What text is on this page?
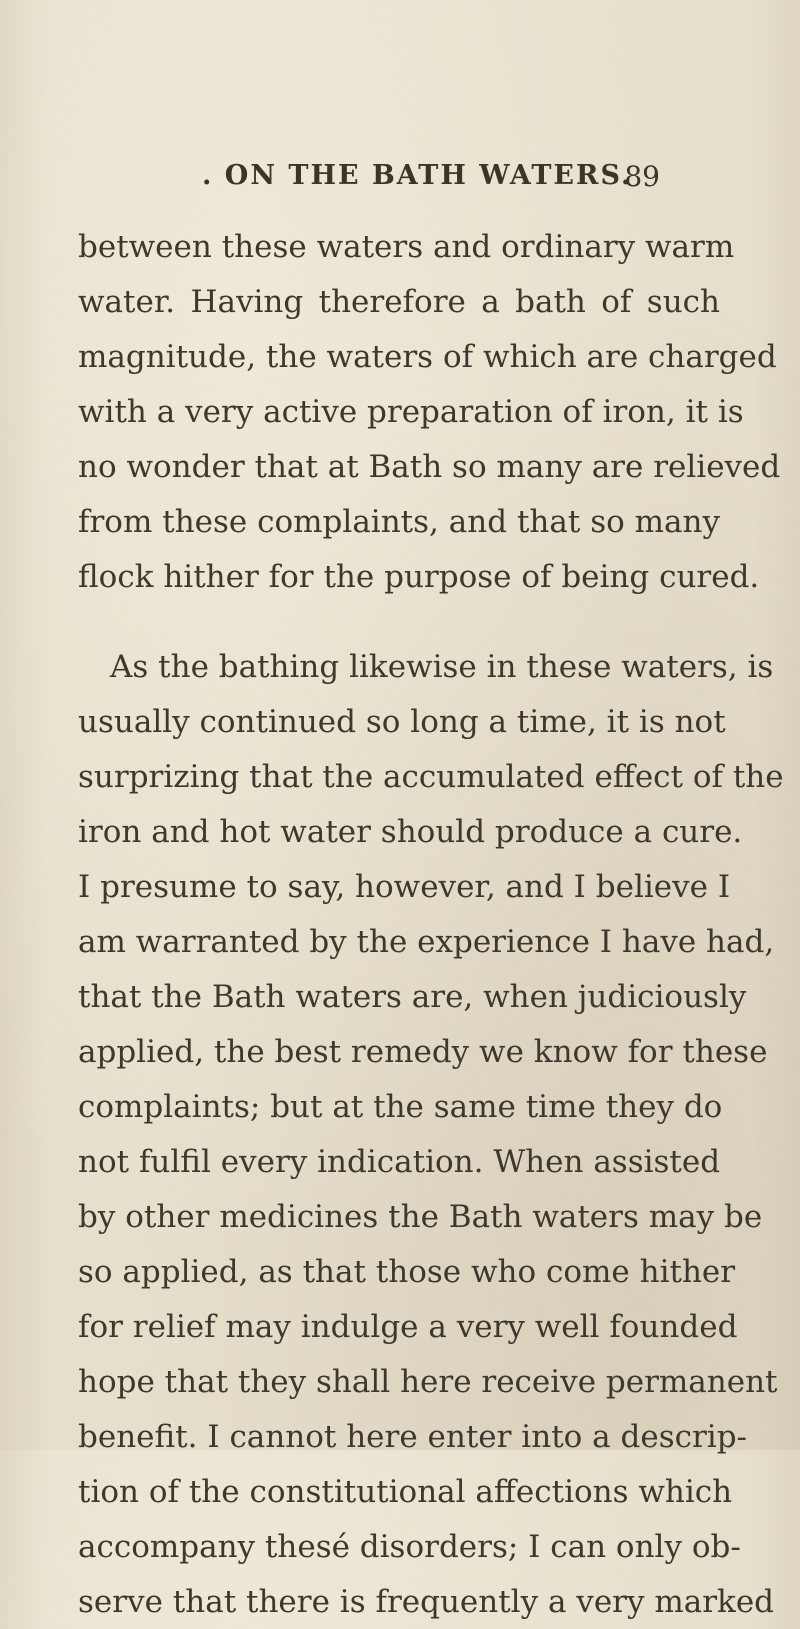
. ON THE BATH WATERS.
89
between these waters and ordinary warm
water. Having therefore a bath of such
magnitude, the waters of which are charged
with a very active preparation of iron, it is
no wonder that at Bath so many are relieved
from these complaints, and that so many
flock hither for the purpose of being cured.
As the bathing likewise in these waters, is
usually continued so long a time, it is not
surprizing that the accumulated effect of the
iron and hot water should produce a cure.
I presume to say, however, and I believe I
am warranted by the experience I have had,
that the Bath waters are, when judiciously
applied, the best remedy we know for these
complaints; but at the same time they do
not fulfil every indication. When assisted
by other medicines the Bath waters may be
so applied, as that those who come hither
for relief may indulge a very well founded
hope that they shall here receive permanent
benefit. I cannot here enter into a descrip-
tion of the constitutional affections which
accompany thesé disorders; I can only ob-
serve that there is frequently a very marked
